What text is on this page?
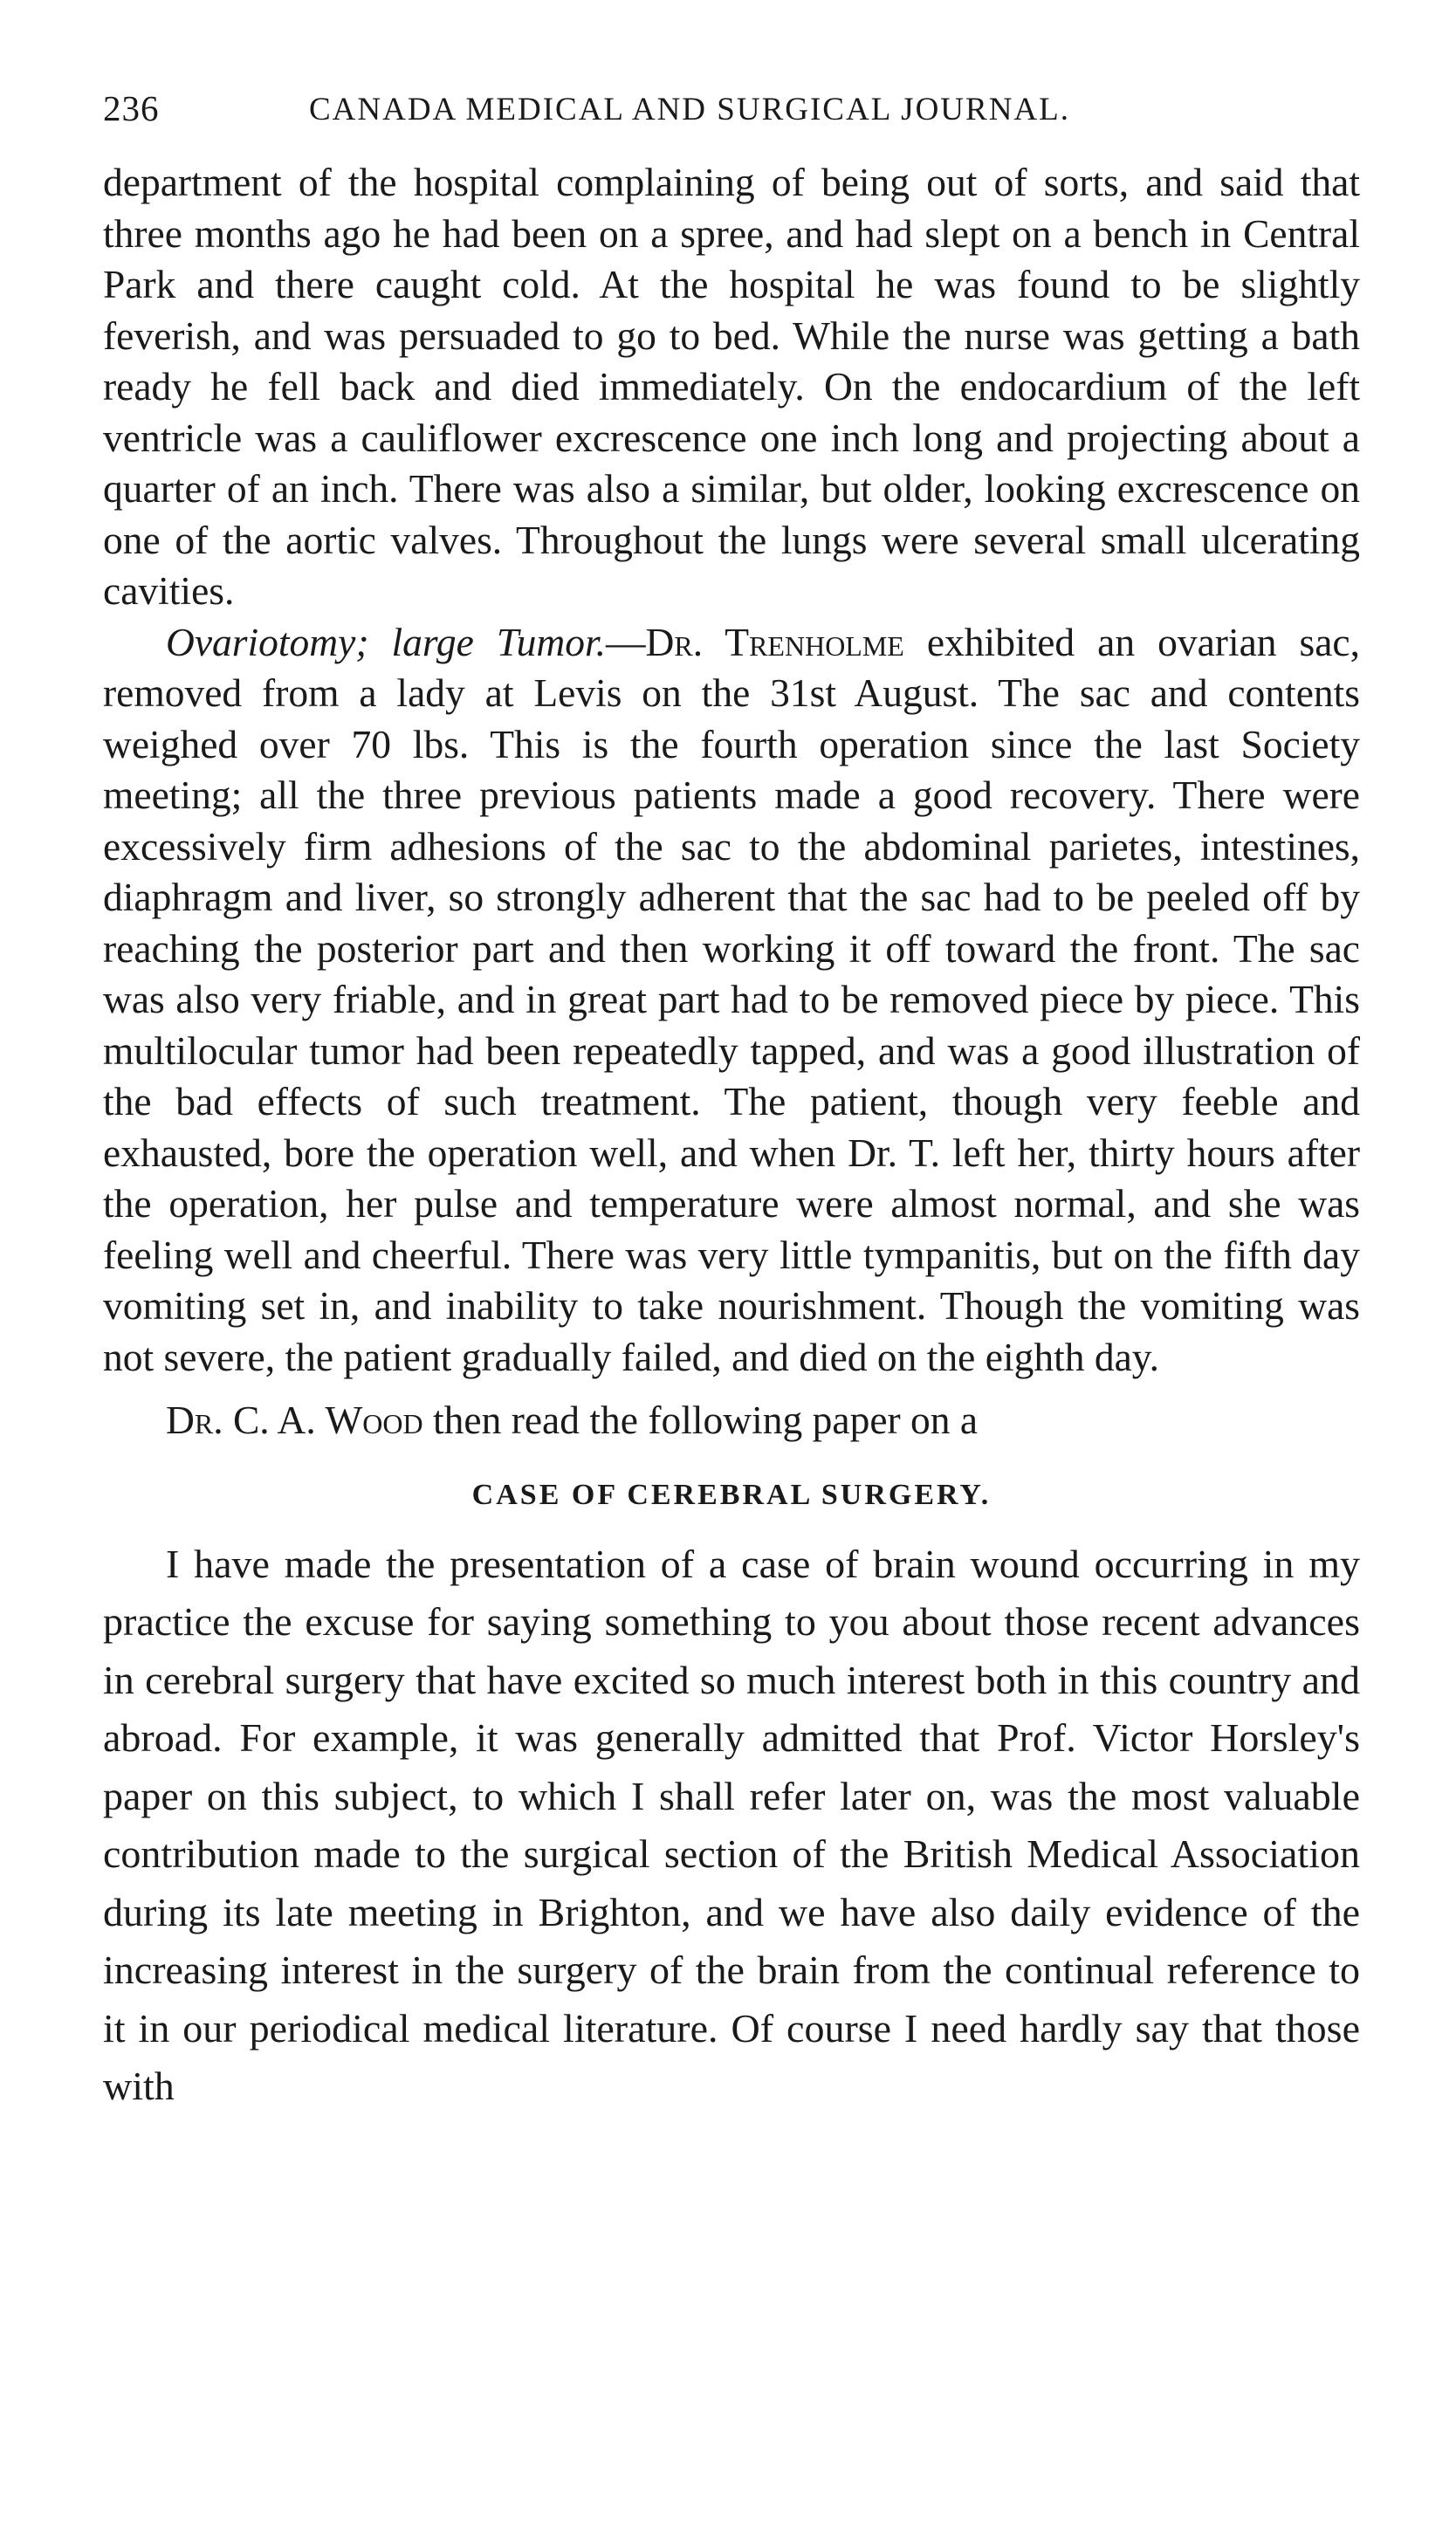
236	CANADA MEDICAL AND SURGICAL JOURNAL.

department of the hospital complaining of being out of sorts, and said that three months ago he had been on a spree, and had slept on a bench in Central Park and there caught cold. At the hospital he was found to be slightly feverish, and was persuaded to go to bed. While the nurse was getting a bath ready he fell back and died immediately. On the endocardium of the left ventricle was a cauliflower excrescence one inch long and projecting about a quarter of an inch. There was also a similar, but older, looking excrescence on one of the aortic valves. Throughout the lungs were several small ulcerating cavities.

Ovariotomy; large Tumor.—Dr. Trenholme exhibited an ovarian sac, removed from a lady at Levis on the 31st August. The sac and contents weighed over 70 lbs. This is the fourth operation since the last Society meeting; all the three previous patients made a good recovery. There were excessively firm adhesions of the sac to the abdominal parietes, intestines, diaphragm and liver, so strongly adherent that the sac had to be peeled off by reaching the posterior part and then working it off toward the front. The sac was also very friable, and in great part had to be removed piece by piece. This multilocular tumor had been repeatedly tapped, and was a good illustration of the bad effects of such treatment. The patient, though very feeble and exhausted, bore the operation well, and when Dr. T. left her, thirty hours after the operation, her pulse and temperature were almost normal, and she was feeling well and cheerful. There was very little tympanitis, but on the fifth day vomiting set in, and inability to take nourishment. Though the vomiting was not severe, the patient gradually failed, and died on the eighth day.

Dr. C. A. Wood then read the following paper on a

CASE OF CEREBRAL SURGERY.

I have made the presentation of a case of brain wound occurring in my practice the excuse for saying something to you about those recent advances in cerebral surgery that have excited so much interest both in this country and abroad. For example, it was generally admitted that Prof. Victor Horsley's paper on this subject, to which I shall refer later on, was the most valuable contribution made to the surgical section of the British Medical Association during its late meeting in Brighton, and we have also daily evidence of the increasing interest in the surgery of the brain from the continual reference to it in our periodical medical literature. Of course I need hardly say that those with
